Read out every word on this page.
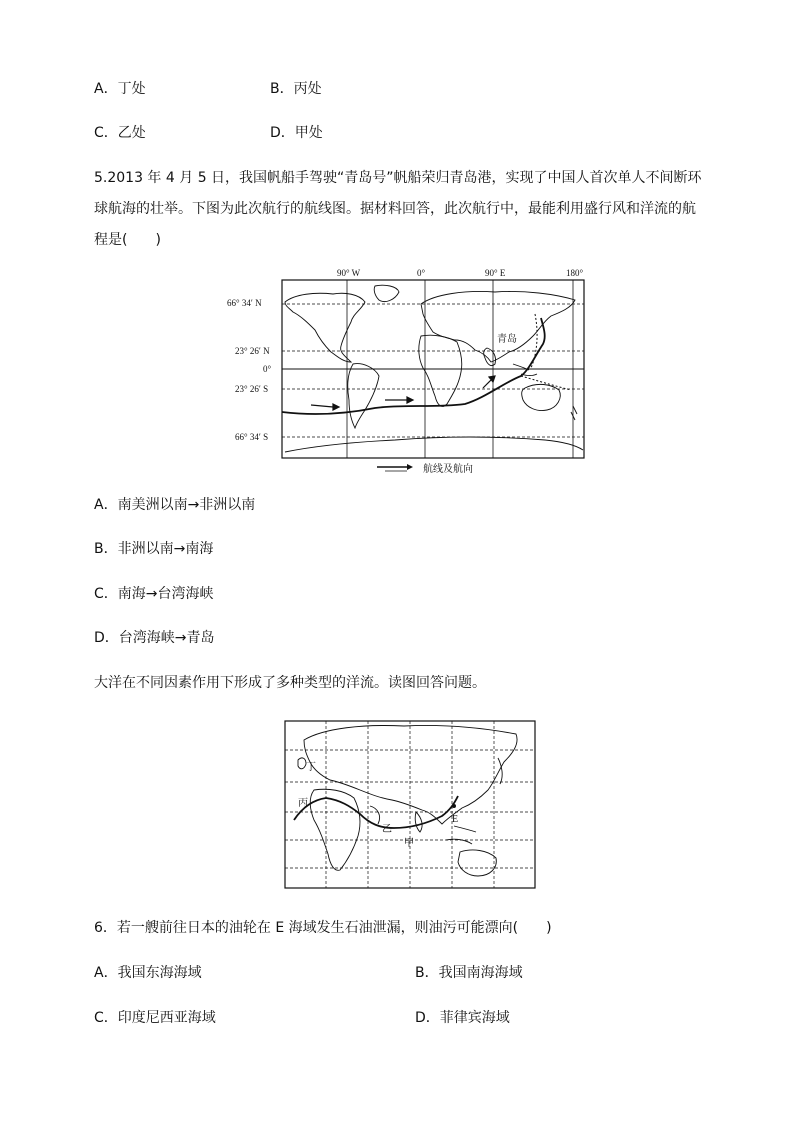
A．丁处	B．丙处
C．乙处	D．甲处
5.2013 年 4 月 5 日，我国帆船手驾驶“青岛号”帆船荣归青岛港，实现了中国人首次单人不间断环
球航海的壮举。下图为此次航行的航线图。据材料回答，此次航行中，最能利用盛行风和洋流的航
程是(　　)
90° W	0°	90° E	180°
66° 34′ N
23° 26′ N
0°
23° 26′ S
66° 34′ S
青岛
航线及航向
A．南美洲以南→非洲以南
B．非洲以南→南海
C．南海→台湾海峡
D．台湾海峡→青岛
大洋在不同因素作用下形成了多种类型的洋流。读图回答问题。
丁
丙
乙
甲
E
6．若一艘前往日本的油轮在 E 海域发生石油泄漏，则油污可能漂向(　　)
A．我国东海海域	B．我国南海海域
C．印度尼西亚海域	D．菲律宾海域
